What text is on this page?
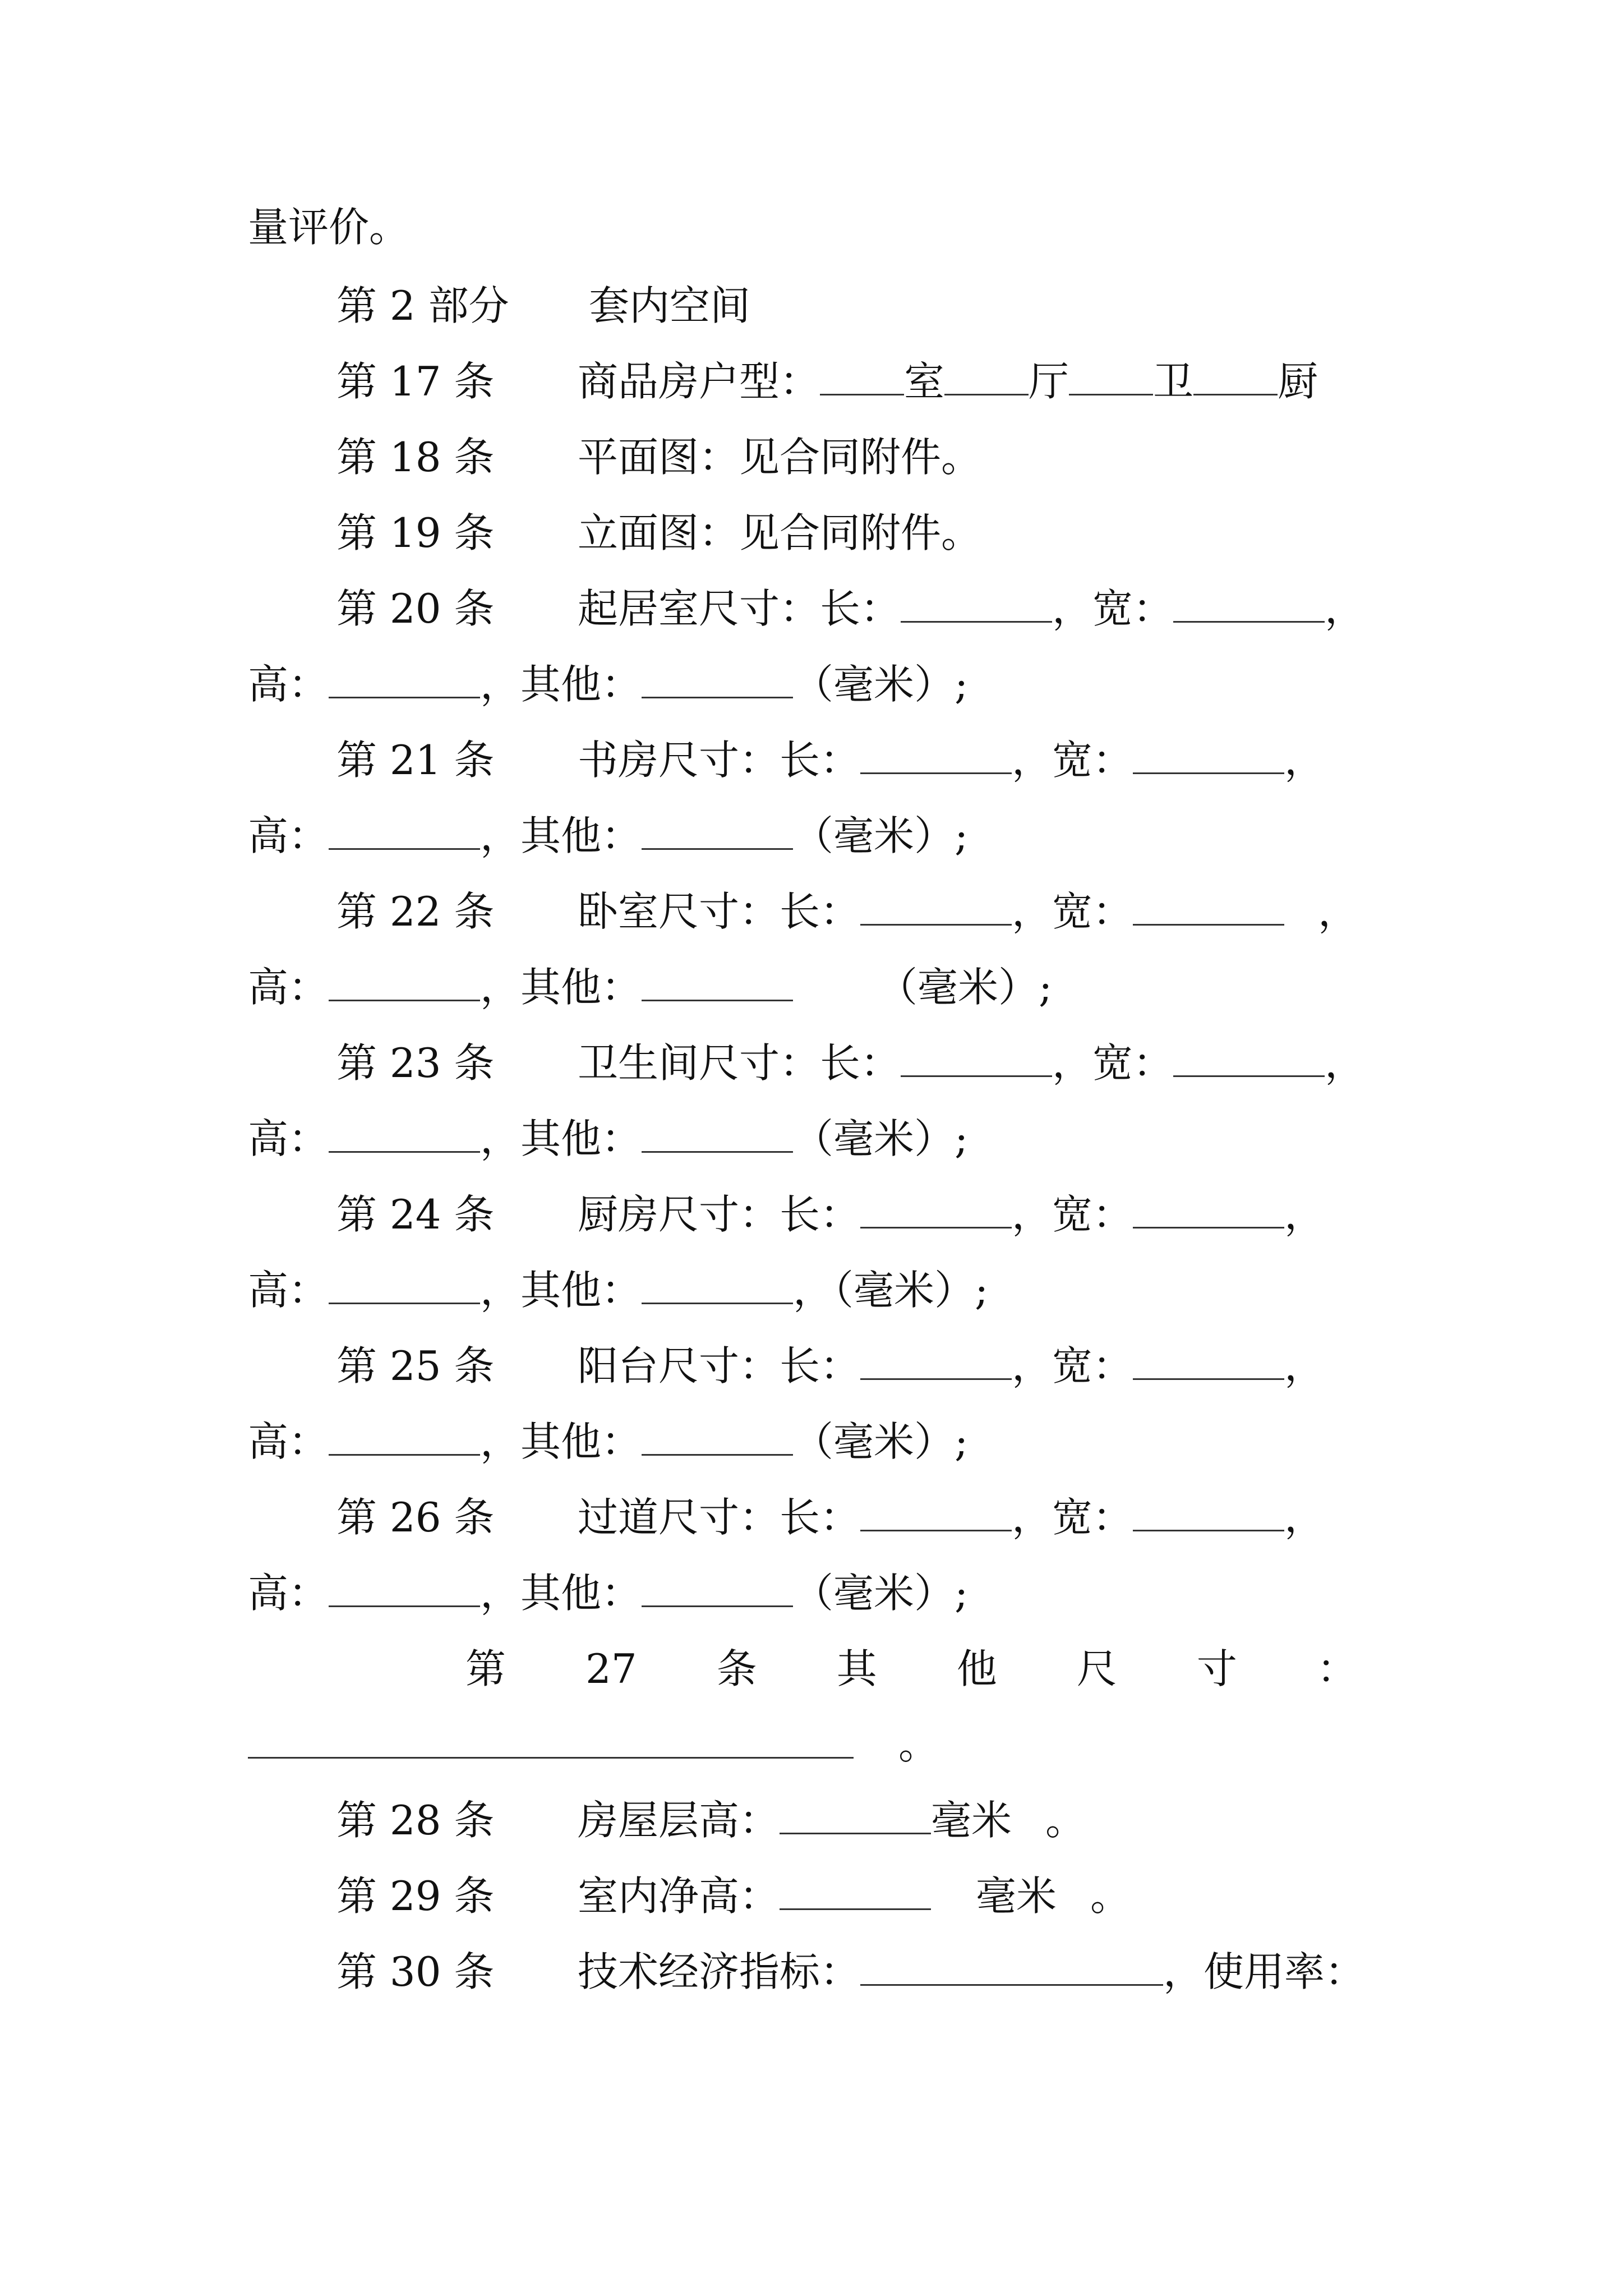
量评价。
第 2 部分 套内空间
第 17 条 商品房户型： 室 厅 卫 厨
第 18 条 平面图：见合同附件。
第 19 条 立面图：见合同附件。
第 20 条 起居室尺寸：长：	，宽：	，
高：	，其他：	（毫米）;
第 21 条 书房尺寸：长：	，宽：	，
高：	，其他：	（毫米）;
第 22 条 卧室尺寸：长：	，宽：	，
高：	，其他：	（毫米）;
第 23 条 卫生间尺寸：长：	，宽：	，
高：	，其他：	（毫米）;
第 24 条 厨房尺寸：长：	，宽：	，
高：	，其他：	，（毫米）;
第 25 条 阳台尺寸：长：	，宽：	，
高：	，其他：	（毫米）;
第 26 条 过道尺寸：长：	，宽：	，
高：	，其他：	（毫米）;
第 27 条 其 他 尺 寸 ：
。
第 28 条 房屋层高：	毫米 。
第 29 条 室内净高：	毫米 。
第 30 条 技术经济指标：	，使用率：
